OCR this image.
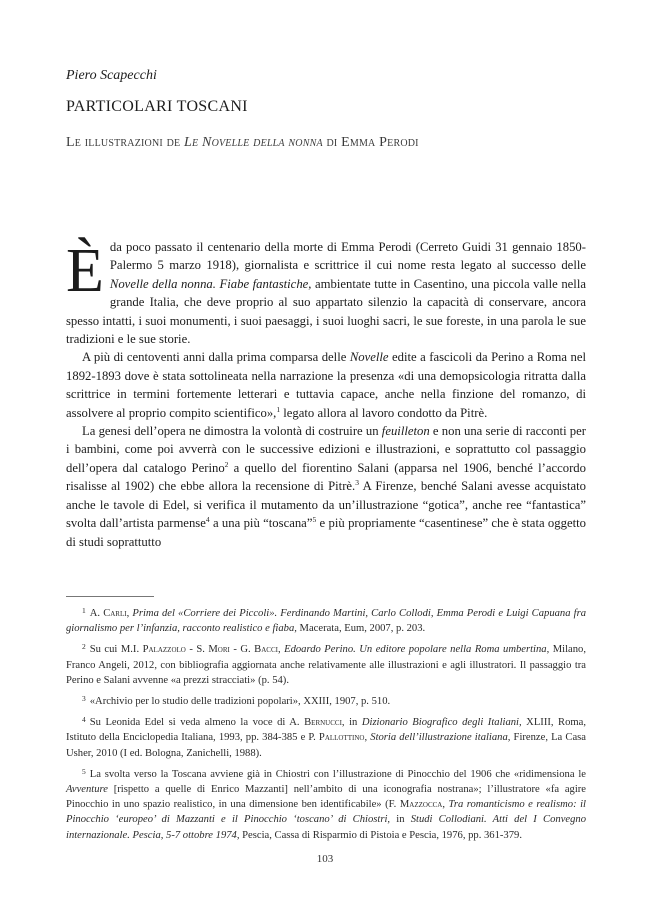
Piero Scapecchi
PARTICOLARI TOSCANI
Le illustrazioni de Le Novelle della nonna di Emma Perodi

Èda poco passato il centenario della morte di Emma Perodi (Cerreto Guidi 31 gennaio 1850-Palermo 5 marzo 1918), giornalista e scrittrice il cui nome resta legato al successo delle Novelle della nonna. Fiabe fantastiche, ambientate tutte in Casentino, una piccola valle nella grande Italia, che deve proprio al suo appartato silenzio la capacità di conservare, ancora spesso intatti, i suoi monumenti, i suoi paesaggi, i suoi luoghi sacri, le sue foreste, in una parola le sue tradizioni e le sue storie.

A più di centoventi anni dalla prima comparsa delle Novelle edite a fascicoli da Perino a Roma nel 1892-1893 dove è stata sottolineata nella narrazione la presenza «di una demopsicologia ritratta dalla scrittrice in termini fortemente letterari e tuttavia capace, anche nella finzione del romanzo, di assolvere al proprio compito scientifico»,$^1$ legato allora al lavoro condotto da Pitrè.

La genesi dell’opera ne dimostra la volontà di costruire un feuilleton e non una serie di racconti per i bambini, come poi avverrà con le successive edizioni e illustrazioni, e soprattutto col passaggio dell’opera dal catalogo Perino$^2$ a quello del fiorentino Salani (apparsa nel 1906, benché l’accordo risalisse al 1902) che ebbe allora la recensione di Pitrè.$^3$ A Firenze, benché Salani avesse acquistato anche le tavole di Edel, si verifica il mutamento da un’illustrazione “gotica”, anche ree “fantastica” svolta dall’artista parmense$^4$ a una più “toscana”$^5$ e più propriamente “casentinese” che è stata oggetto di studi soprattutto

$^1$ A. Carli, Prima del «Corriere dei Piccoli». Ferdinando Martini, Carlo Collodi, Emma Perodi e Luigi Capuana fra giornalismo per l’infanzia, racconto realistico e fiaba, Macerata, Eum, 2007, p. 203.

$^2$ Su cui M.I. Palazzolo - S. Mori - G. Bacci, Edoardo Perino. Un editore popolare nella Roma umbertina, Milano, Franco Angeli, 2012, con bibliografia aggiornata anche relativamente alle illustrazioni e agli illustratori. Il passaggio tra Perino e Salani avvenne «a prezzi stracciati» (p. 54).

$^3$ «Archivio per lo studio delle tradizioni popolari», XXIII, 1907, p. 510.

$^4$ Su Leonida Edel si veda almeno la voce di A. Bernucci, in Dizionario Biografico degli Italiani, XLIII, Roma, Istituto della Enciclopedia Italiana, 1993, pp. 384-385 e P. Pallottino, Storia dell’illustrazione italiana, Firenze, La Casa Usher, 2010 (I ed. Bologna, Zanichelli, 1988).

$^5$ La svolta verso la Toscana avviene già in Chiostri con l’illustrazione di Pinocchio del 1906 che «ridimensiona le Avventure [rispetto a quelle di Enrico Mazzanti] nell’ambito di una iconografia nostrana»; l’illustratore «fa agire Pinocchio in uno spazio realistico, in una dimensione ben identificabile» (F. Mazzocca, Tra romanticismo e realismo: il Pinocchio ‘europeo’ di Mazzanti e il Pinocchio ‘toscano’ di Chiostri, in Studi Collodiani. Atti del I Convegno internazionale. Pescia, 5-7 ottobre 1974, Pescia, Cassa di Risparmio di Pistoia e Pescia, 1976, pp. 361-379.

103
